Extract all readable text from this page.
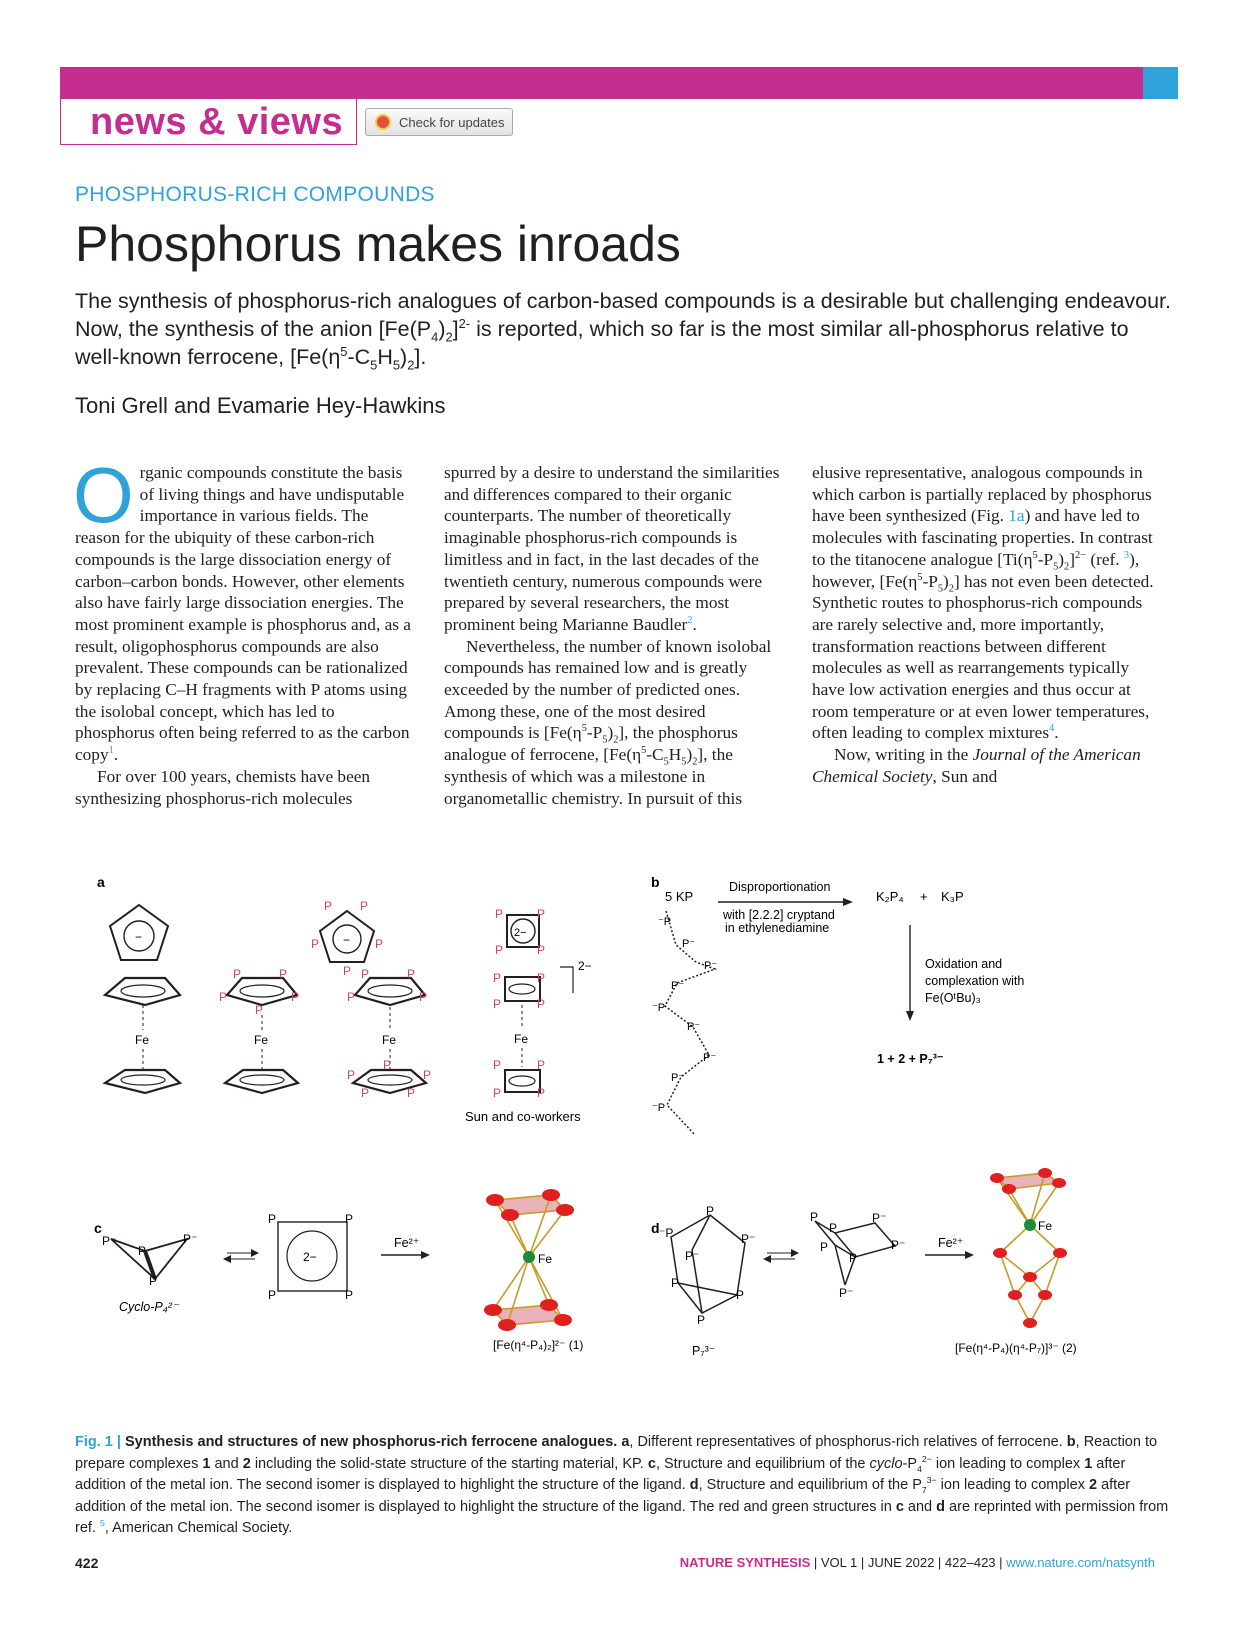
news & views	Check for updates
PHOSPHORUS-RICH COMPOUNDS
Phosphorus makes inroads
The synthesis of phosphorus-rich analogues of carbon-based compounds is a desirable but challenging endeavour. Now, the synthesis of the anion $[Fe(P_4)_2]^{2-}$ is reported, which so far is the most similar all-phosphorus relative to well-known ferrocene, $[Fe(\eta^5-C_5H_5)_2]$.
Toni Grell and Evamarie Hey-Hawkins

Organic compounds constitute the basis of living things and have undisputable importance in various fields. The reason for the ubiquity of these carbon-rich compounds is the large dissociation energy of carbon–carbon bonds. However, other elements also have fairly large dissociation energies. The most prominent example is phosphorus and, as a result, oligophosphorus compounds are also prevalent. These compounds can be rationalized by replacing C–H fragments with P atoms using the isolobal concept, which has led to phosphorus often being referred to as the carbon copy$^1$.

For over 100 years, chemists have been synthesizing phosphorus-rich molecules

spurred by a desire to understand the similarities and differences compared to their organic counterparts. The number of theoretically imaginable phosphorus-rich compounds is limitless and in fact, in the last decades of the twentieth century, numerous compounds were prepared by several researchers, the most prominent being Marianne Baudler$^2$.

Nevertheless, the number of known isolobal compounds has remained low and is greatly exceeded by the number of predicted ones. Among these, one of the most desired compounds is $[Fe(\eta^5-P_5)_2]$, the phosphorus analogue of ferrocene, $[Fe(\eta^5-C_5H_5)_2]$, the synthesis of which was a milestone in organometallic chemistry. In pursuit of this

elusive representative, analogous compounds in which carbon is partially replaced by phosphorus have been synthesized (Fig. 1a) and have led to molecules with fascinating properties. In contrast to the titanocene analogue $[Ti(\eta^5-P_5)_2]^{2-}$ (ref. $^3$), however, $[Fe(\eta^5-P_5)_2]$ has not even been detected. Synthetic routes to phosphorus-rich compounds are rarely selective and, more importantly, transformation reactions between different molecules as well as rearrangements typically have low activation energies and thus occur at room temperature or at even lower temperatures, often leading to complex mixtures$^4$.

Now, writing in the Journal of the American Chemical Society, Sun and

a	b
c	d
−	−
P P
P	P
P
2−
P	P
P	P
Fe
P	P
P	P
P
Fe
P	P
P	P
Fe
P
P	P
P	P
P	P
P	P
Fe
P	P
P	P
2−
Sun and co-workers
5 KP
Disproportionation
with [2.2.2] cryptand
in ethylenediamine
K₂P₄ + K₃P
Oxidation and
complexation with
Fe(OᵗBu)₃
1 + 2 + P₇³⁻
⁻P
P⁻
P⁻
P⁻
⁻P
P⁻
P⁻
P⁻
⁻P
P⁻
P
P⁻
P
Cyclo-P₄²⁻
2−
P	P
P	P
Fe²⁺
Fe
[Fe(η⁴-P₄)₂]²⁻ (1)
P
⁻P	P⁻
P⁻
P
P
P
P₇³⁻
P
P
P⁻
P⁻
P
P
P⁻
Fe²⁺
Fe
[Fe(η⁴-P₄)(η⁴-P₇)]³⁻ (2)
Fig. 1 | Synthesis and structures of new phosphorus-rich ferrocene analogues. a, Different representatives of phosphorus-rich relatives of ferrocene. b, Reaction to prepare complexes 1 and 2 including the solid-state structure of the starting material, KP. c, Structure and equilibrium of the cyclo-$P_4^{2-}$ ion leading to complex 1 after addition of the metal ion. The second isomer is displayed to highlight the structure of the ligand. d, Structure and equilibrium of the $P_7^{3-}$ ion leading to complex 2 after addition of the metal ion. The second isomer is displayed to highlight the structure of the ligand. The red and green structures in c and d are reprinted with permission from ref. $^5$, American Chemical Society.
422	NATURE SYNTHESIS | VOL 1 | JUNE 2022 | 422–423 | www.nature.com/natsynth
